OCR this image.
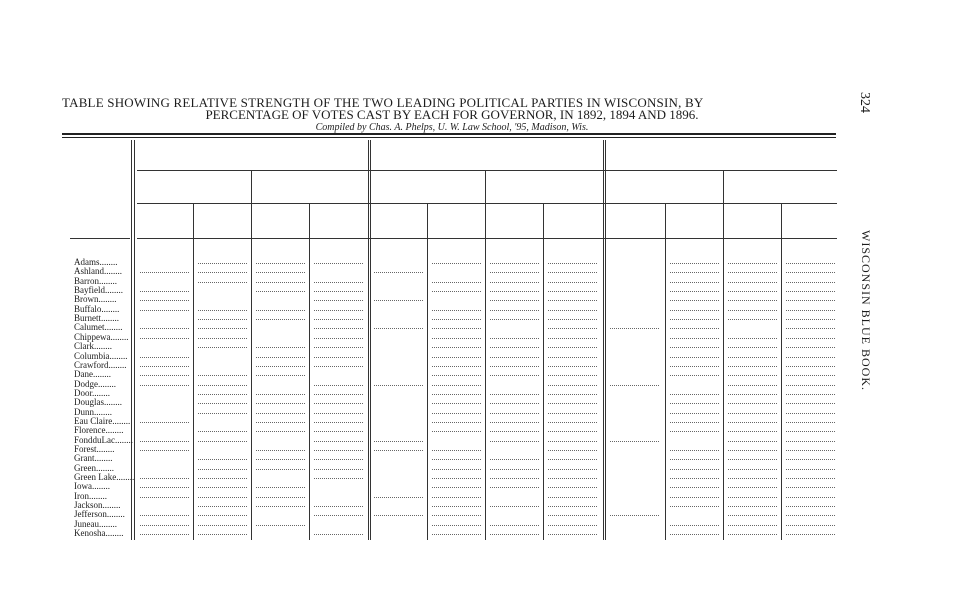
TABLE SHOWING RELATIVE STRENGTH OF THE TWO LEADING POLITICAL PARTIES IN WISCONSIN, BY
PERCENTAGE OF VOTES CAST BY EACH FOR GOVERNOR, IN 1892, 1894 AND 1896.
Compiled by Chas. A. Phelps, U. W. Law School, '95, Madison, Wis.
324
WISCONSIN BLUE BOOK.
Adams........
Ashland........
Barron........
Bayfield........
Brown........
Buffalo........
Burnett........
Calumet........
Chippewa........
Clark........
Columbia........
Crawford........
Dane........
Dodge........
Door........
Douglas........
Dunn........
Eau Claire........
Florence........
FondduLac........
Forest........
Grant........
Green........
Green Lake........
Iowa........
Iron........
Jackson........
Jefferson........
Juneau........
Kenosha........
